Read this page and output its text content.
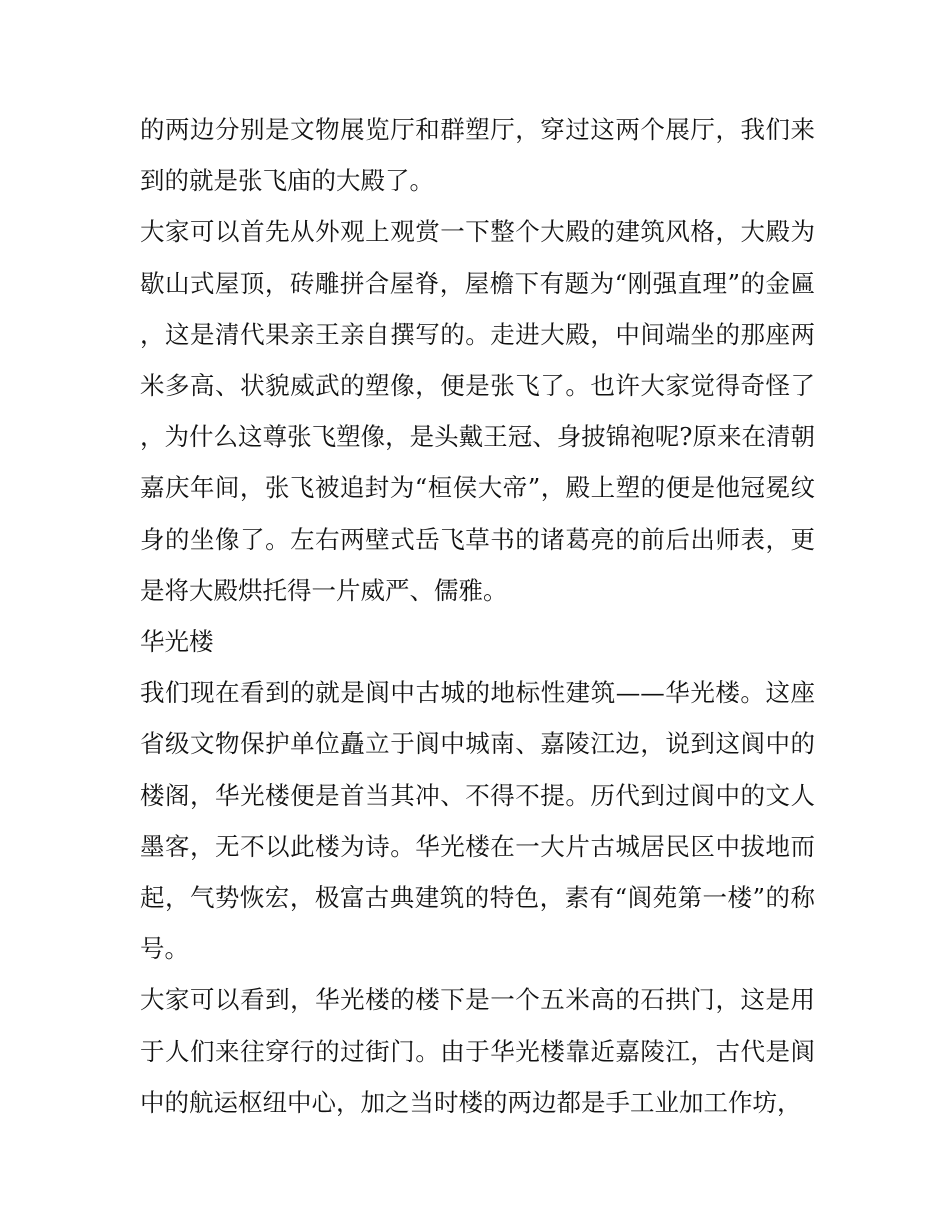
的两边分别是文物展览厅和群塑厅，穿过这两个展厅，我们来到的就是张飞庙的大殿了。

大家可以首先从外观上观赏一下整个大殿的建筑风格，大殿为歇山式屋顶，砖雕拼合屋脊，屋檐下有题为“刚强直理”的金匾，这是清代果亲王亲自撰写的。走进大殿，中间端坐的那座两米多高、状貌威武的塑像，便是张飞了。也许大家觉得奇怪了，为什么这尊张飞塑像，是头戴王冠、身披锦袍呢?原来在清朝嘉庆年间，张飞被追封为“桓侯大帝”，殿上塑的便是他冠冕纹身的坐像了。左右两壁式岳飞草书的诸葛亮的前后出师表，更是将大殿烘托得一片威严、儒雅。

华光楼

我们现在看到的就是阆中古城的地标性建筑——华光楼。这座省级文物保护单位矗立于阆中城南、嘉陵江边，说到这阆中的楼阁，华光楼便是首当其冲、不得不提。历代到过阆中的文人墨客，无不以此楼为诗。华光楼在一大片古城居民区中拔地而起，气势恢宏，极富古典建筑的特色，素有“阆苑第一楼”的称号。

大家可以看到，华光楼的楼下是一个五米高的石拱门，这是用于人们来往穿行的过街门。由于华光楼靠近嘉陵江，古代是阆中的航运枢纽中心，加之当时楼的两边都是手工业加工作坊，
